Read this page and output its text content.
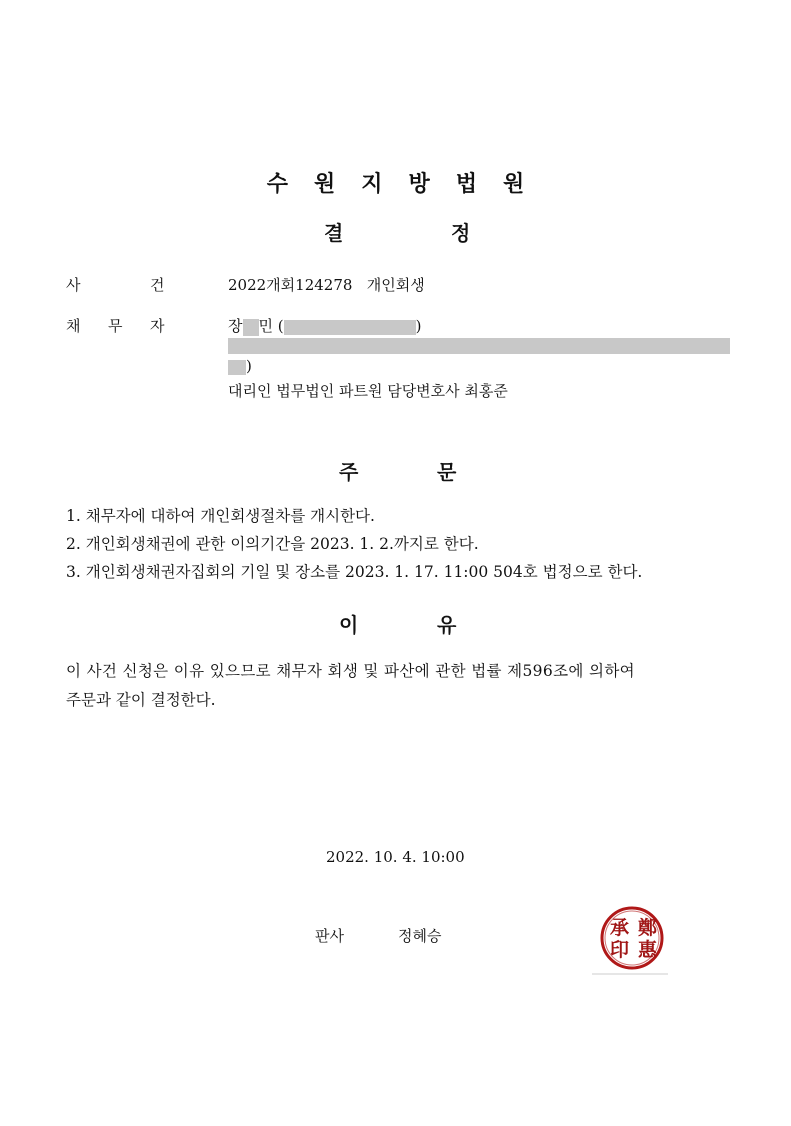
수 원 지 방 법 원
결	정
사	건	2022개회124278 개인회생
채 무 자	장 민 (	)
)
대리인 법무법인 파트원 담당변호사 최홍준
주	문
1. 채무자에 대하여 개인회생절차를 개시한다.
2. 개인회생채권에 관한 이의기간을 2023. 1. 2.까지로 한다.
3. 개인회생채권자집회의 기일 및 장소를 2023. 1. 17. 11:00 504호 법정으로 한다.
이	유
이 사건 신청은 이유 있으므로 채무자 회생 및 파산에 관한 법률 제596조에 의하여
주문과 같이 결정한다.
2022. 10. 4. 10:00
판사	정혜승	鄭
惠
承
印
